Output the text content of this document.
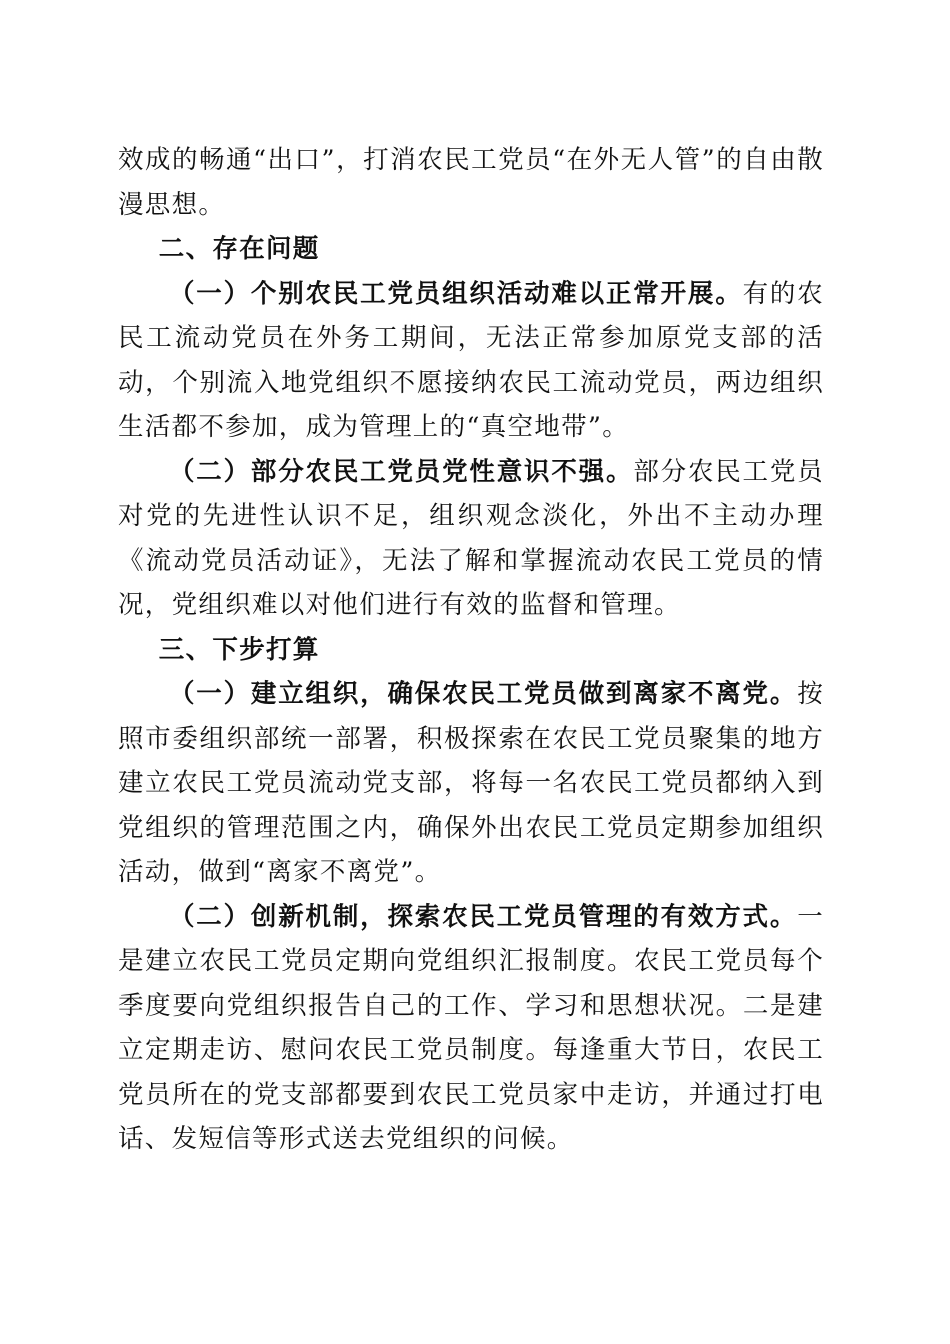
效成的畅通“出口”，打消农民工党员“在外无人管”的自由散漫思想。

二、存在问题

（一）个别农民工党员组织活动难以正常开展。有的农民工流动党员在外务工期间，无法正常参加原党支部的活动，个别流入地党组织不愿接纳农民工流动党员，两边组织生活都不参加，成为管理上的“真空地带”。

（二）部分农民工党员党性意识不强。部分农民工党员对党的先进性认识不足，组织观念淡化，外出不主动办理《流动党员活动证》，无法了解和掌握流动农民工党员的情况，党组织难以对他们进行有效的监督和管理。

三、下步打算

（一）建立组织，确保农民工党员做到离家不离党。按照市委组织部统一部署，积极探索在农民工党员聚集的地方建立农民工党员流动党支部，将每一名农民工党员都纳入到党组织的管理范围之内，确保外出农民工党员定期参加组织活动，做到“离家不离党”。

（二）创新机制，探索农民工党员管理的有效方式。一是建立农民工党员定期向党组织汇报制度。农民工党员每个季度要向党组织报告自己的工作、学习和思想状况。二是建立定期走访、慰问农民工党员制度。每逢重大节日，农民工党员所在的党支部都要到农民工党员家中走访，并通过打电话、发短信等形式送去党组织的问候。
